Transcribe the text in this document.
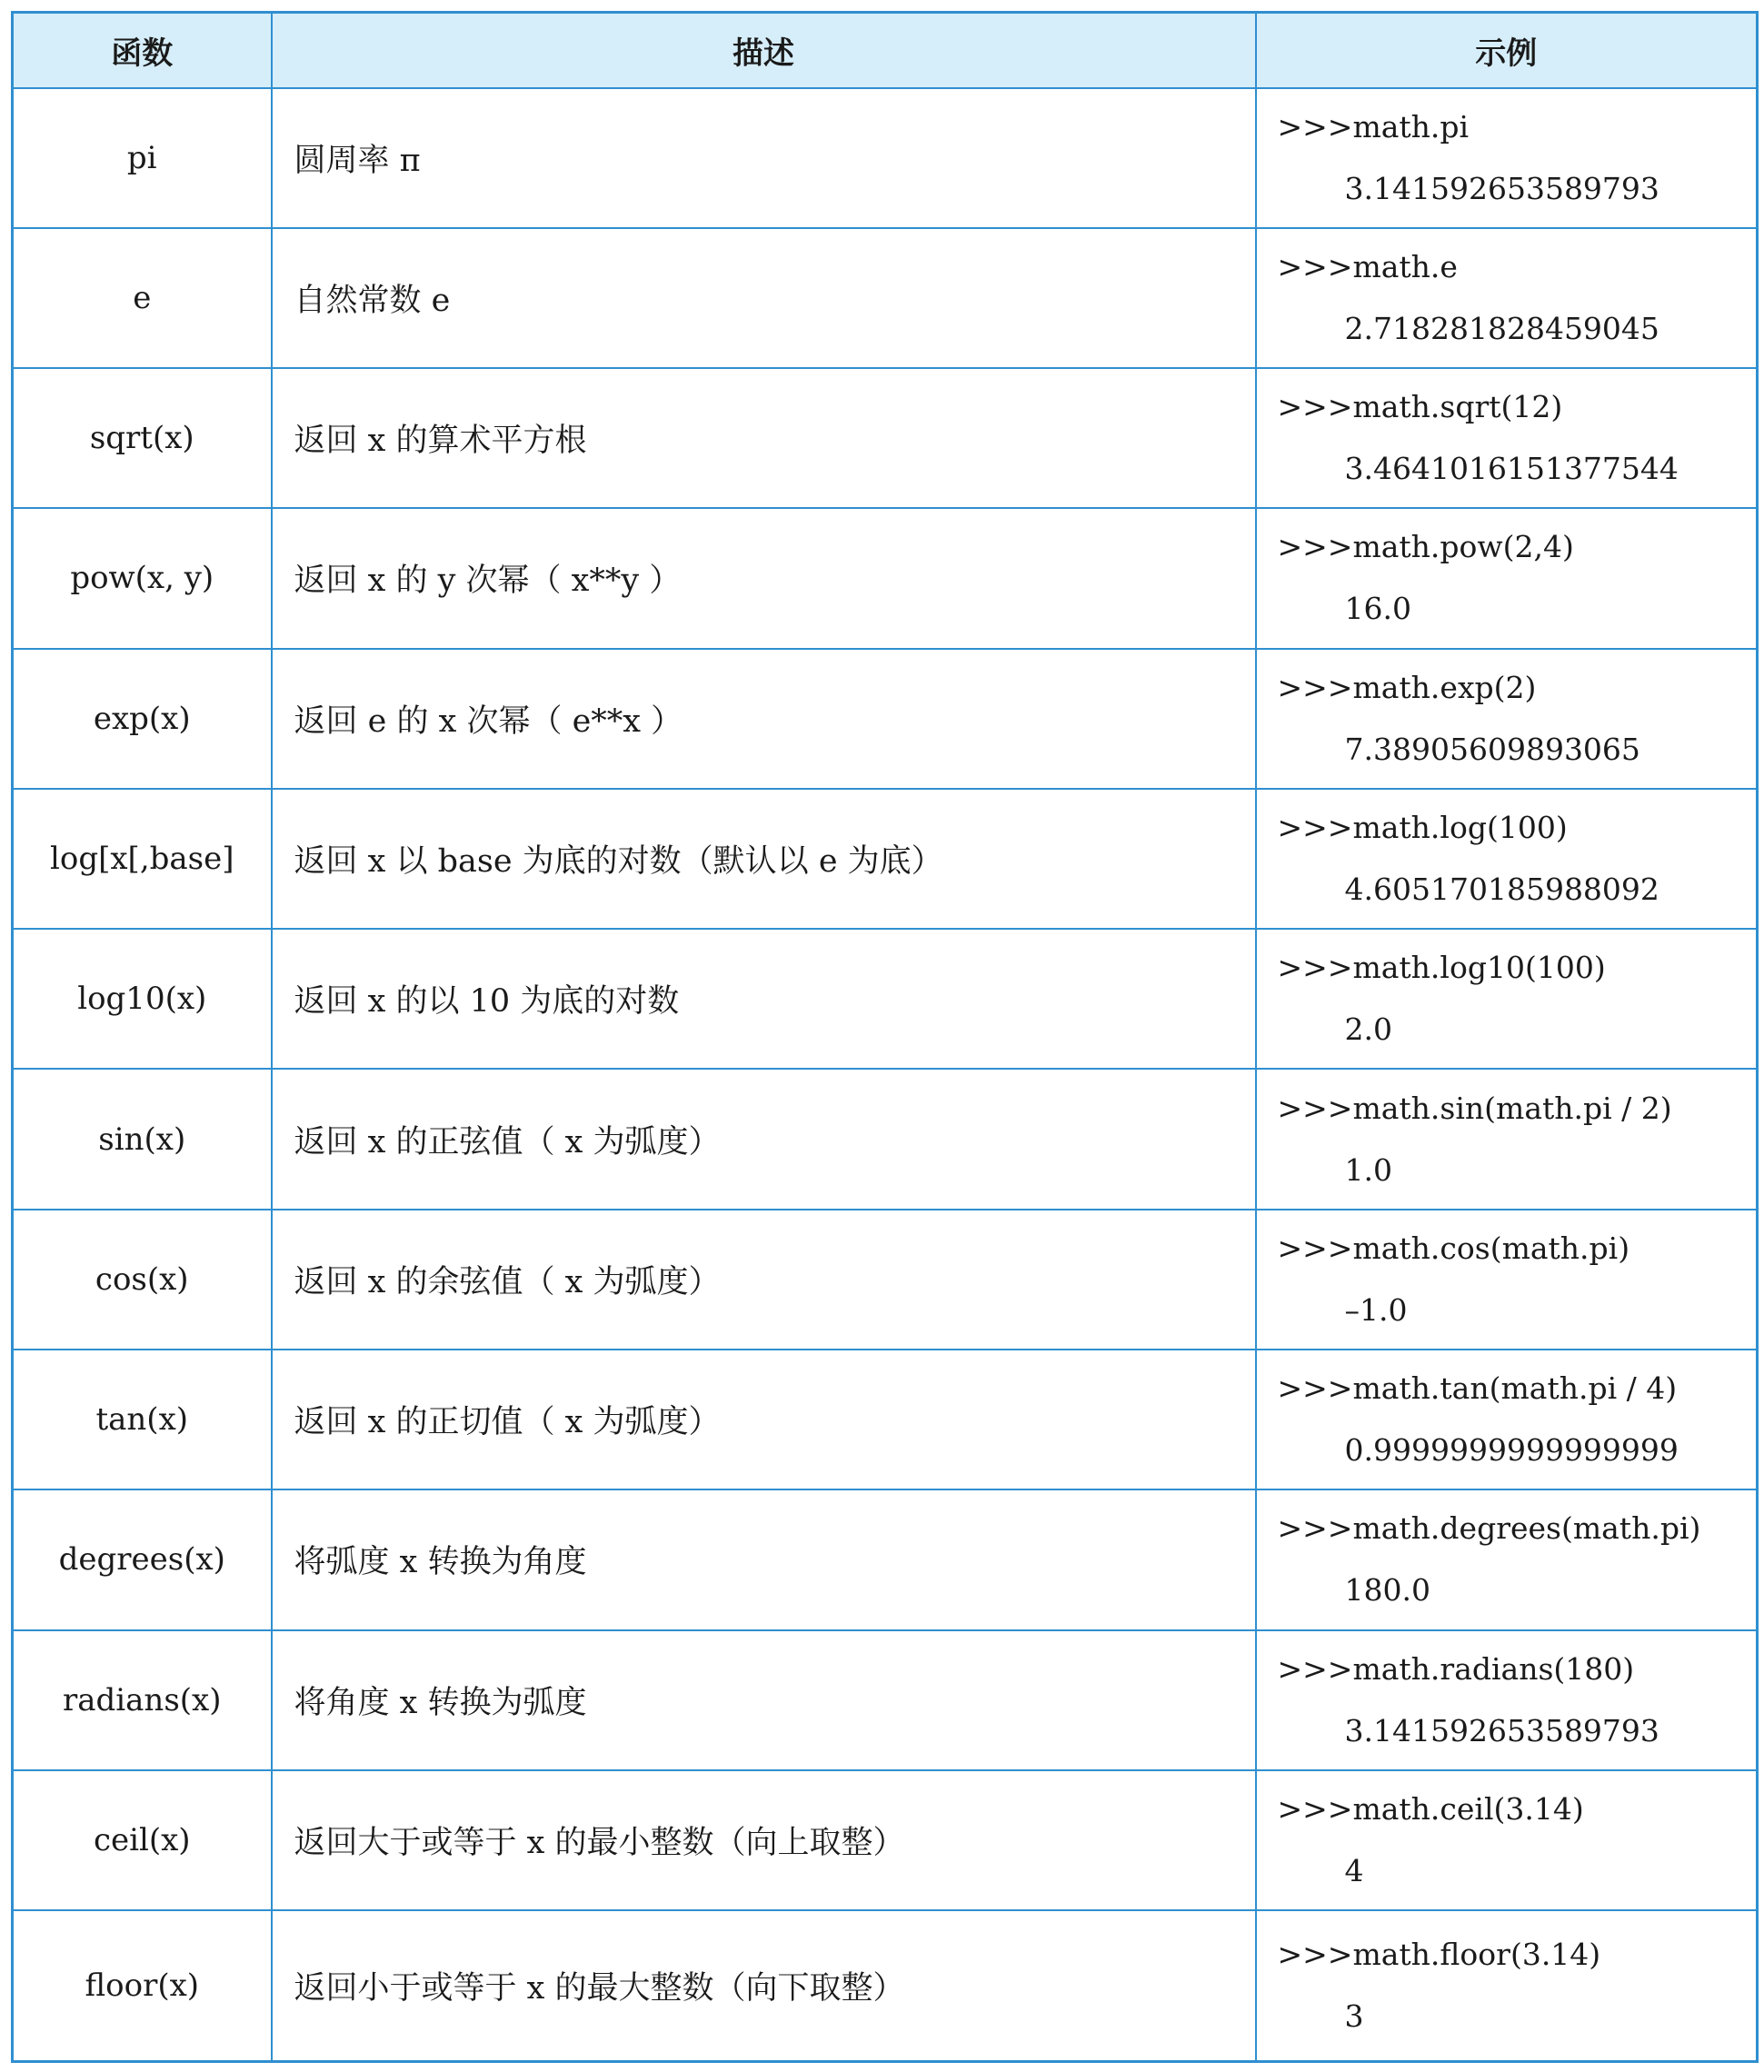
函数	描述	示例
pi	圆周率 π	>>>math.pi
3.141592653589793

e	自然常数 e	>>>math.e
2.718281828459045

sqrt(x)	返回 x 的算术平方根	>>>math.sqrt(12)
3.4641016151377544

pow(x, y)	返回 x 的 y 次幂（ x**y ）	>>>math.pow(2,4)
16.0

exp(x)	返回 e 的 x 次幂（ e**x ）	>>>math.exp(2)
7.38905609893065

log[x[,base]	返回 x 以 base 为底的对数（默认以 e 为底）	>>>math.log(100)
4.605170185988092

log10(x)	返回 x 的以 10 为底的对数	>>>math.log10(100)
2.0

sin(x)	返回 x 的正弦值（ x 为弧度）	>>>math.sin(math.pi / 2)
1.0

cos(x)	返回 x 的余弦值（ x 为弧度）	>>>math.cos(math.pi)
–1.0

tan(x)	返回 x 的正切值（ x 为弧度）	>>>math.tan(math.pi / 4)
0.9999999999999999

degrees(x)	将弧度 x 转换为角度	>>>math.degrees(math.pi)
180.0

radians(x)	将角度 x 转换为弧度	>>>math.radians(180)
3.141592653589793

ceil(x)	返回大于或等于 x 的最小整数（向上取整）	>>>math.ceil(3.14)
4

floor(x)	返回小于或等于 x 的最大整数（向下取整）	>>>math.floor(3.14)
3
